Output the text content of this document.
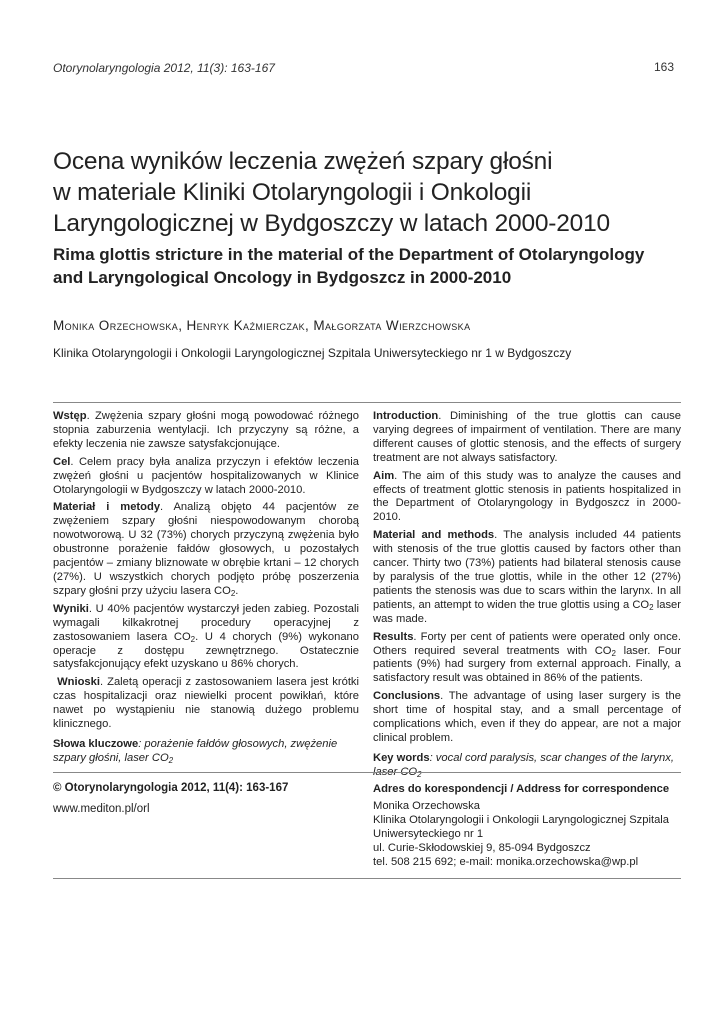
Otorynolaryngologia 2012, 11(3): 163-167	163
Ocena wyników leczenia zwężeń szpary głośni
w materiale Kliniki Otolaryngologii i Onkologii
Laryngologicznej w Bydgoszczy w latach 2000-2010
Rima glottis stricture in the material of the Department of Otolaryngology
and Laryngological Oncology in Bydgoszcz in 2000-2010
Monika Orzechowska, Henryk Kaźmierczak, Małgorzata Wierzchowska
Klinika Otolaryngologii i Onkologii Laryngologicznej Szpitala Uniwersyteckiego nr 1 w Bydgoszczy

Wstęp. Zwężenia szpary głośni mogą powodować różnego stopnia zaburzenia wentylacji. Ich przyczyny są różne, a efekty leczenia nie zawsze satysfakcjonujące.

Cel. Celem pracy była analiza przyczyn i efektów leczenia zwężeń głośni u pacjentów hospitalizowanych w Klinice Otolaryngologii w Bydgoszczy w latach 2000-2010.

Materiał i metody. Analizą objęto 44 pacjentów ze zwężeniem szpary głośni niespowodowanym chorobą nowotworową. U 32 (73%) chorych przyczyną zwężenia było obustronne porażenie fałdów głosowych, u pozostałych pacjentów – zmiany bliznowate w obrębie krtani – 12 chorych (27%). U wszystkich chorych podjęto próbę poszerzenia szpary głośni przy użyciu lasera $CO_2$.

Wyniki. U 40% pacjentów wystarczył jeden zabieg. Pozostali wymagali kilkakrotnej procedury operacyjnej z zastosowaniem lasera $CO_2$. U 4 chorych (9%) wykonano operacje z dostępu zewnętrznego. Ostatecznie satysfakcjonujący efekt uzyskano u 86% chorych.

Wnioski. Zaletą operacji z zastosowaniem lasera jest krótki czas hospitalizacji oraz niewielki procent powikłań, które nawet po wystąpieniu nie stanowią dużego problemu klinicznego.

Słowa kluczowe: porażenie fałdów głosowych, zwężenie szpary głośni, laser $CO_2$

Introduction. Diminishing of the true glottis can cause varying degrees of impairment of ventilation. There are many different causes of glottic stenosis, and the effects of surgery treatment are not always satisfactory.

Aim. The aim of this study was to analyze the causes and effects of treatment glottic stenosis in patients hospitalized in the Department of Otolaryngology in Bydgoszcz in 2000-2010.

Material and methods. The analysis included 44 patients with stenosis of the true glottis caused by factors other than cancer. Thirty two (73%) patients had bilateral stenosis cause by paralysis of the true glottis, while in the other 12 (27%) patients the stenosis was due to scars within the larynx. In all patients, an attempt to widen the true glottis using a $CO_2$ laser was made.

Results. Forty per cent of patients were operated only once. Others required several treatments with $CO_2$ laser. Four patients (9%) had surgery from external approach. Finally, a satisfactory result was obtained in 86% of the patients.

Conclusions. The advantage of using laser surgery is the short time of hospital stay, and a small percentage of complications which, even if they do appear, are not a major clinical problem.

Key words: vocal cord paralysis, scar changes of the larynx, laser $CO_2$

© Otorynolaryngologia 2012, 11(4): 163-167
www.mediton.pl/orl
Adres do korespondencji / Address for correspondence
Monika Orzechowska
Klinika Otolaryngologii i Onkologii Laryngologicznej Szpitala
Uniwersyteckiego nr 1
ul. Curie-Skłodowskiej 9, 85-094 Bydgoszcz
tel. 508 215 692; e-mail: monika.orzechowska@wp.pl
